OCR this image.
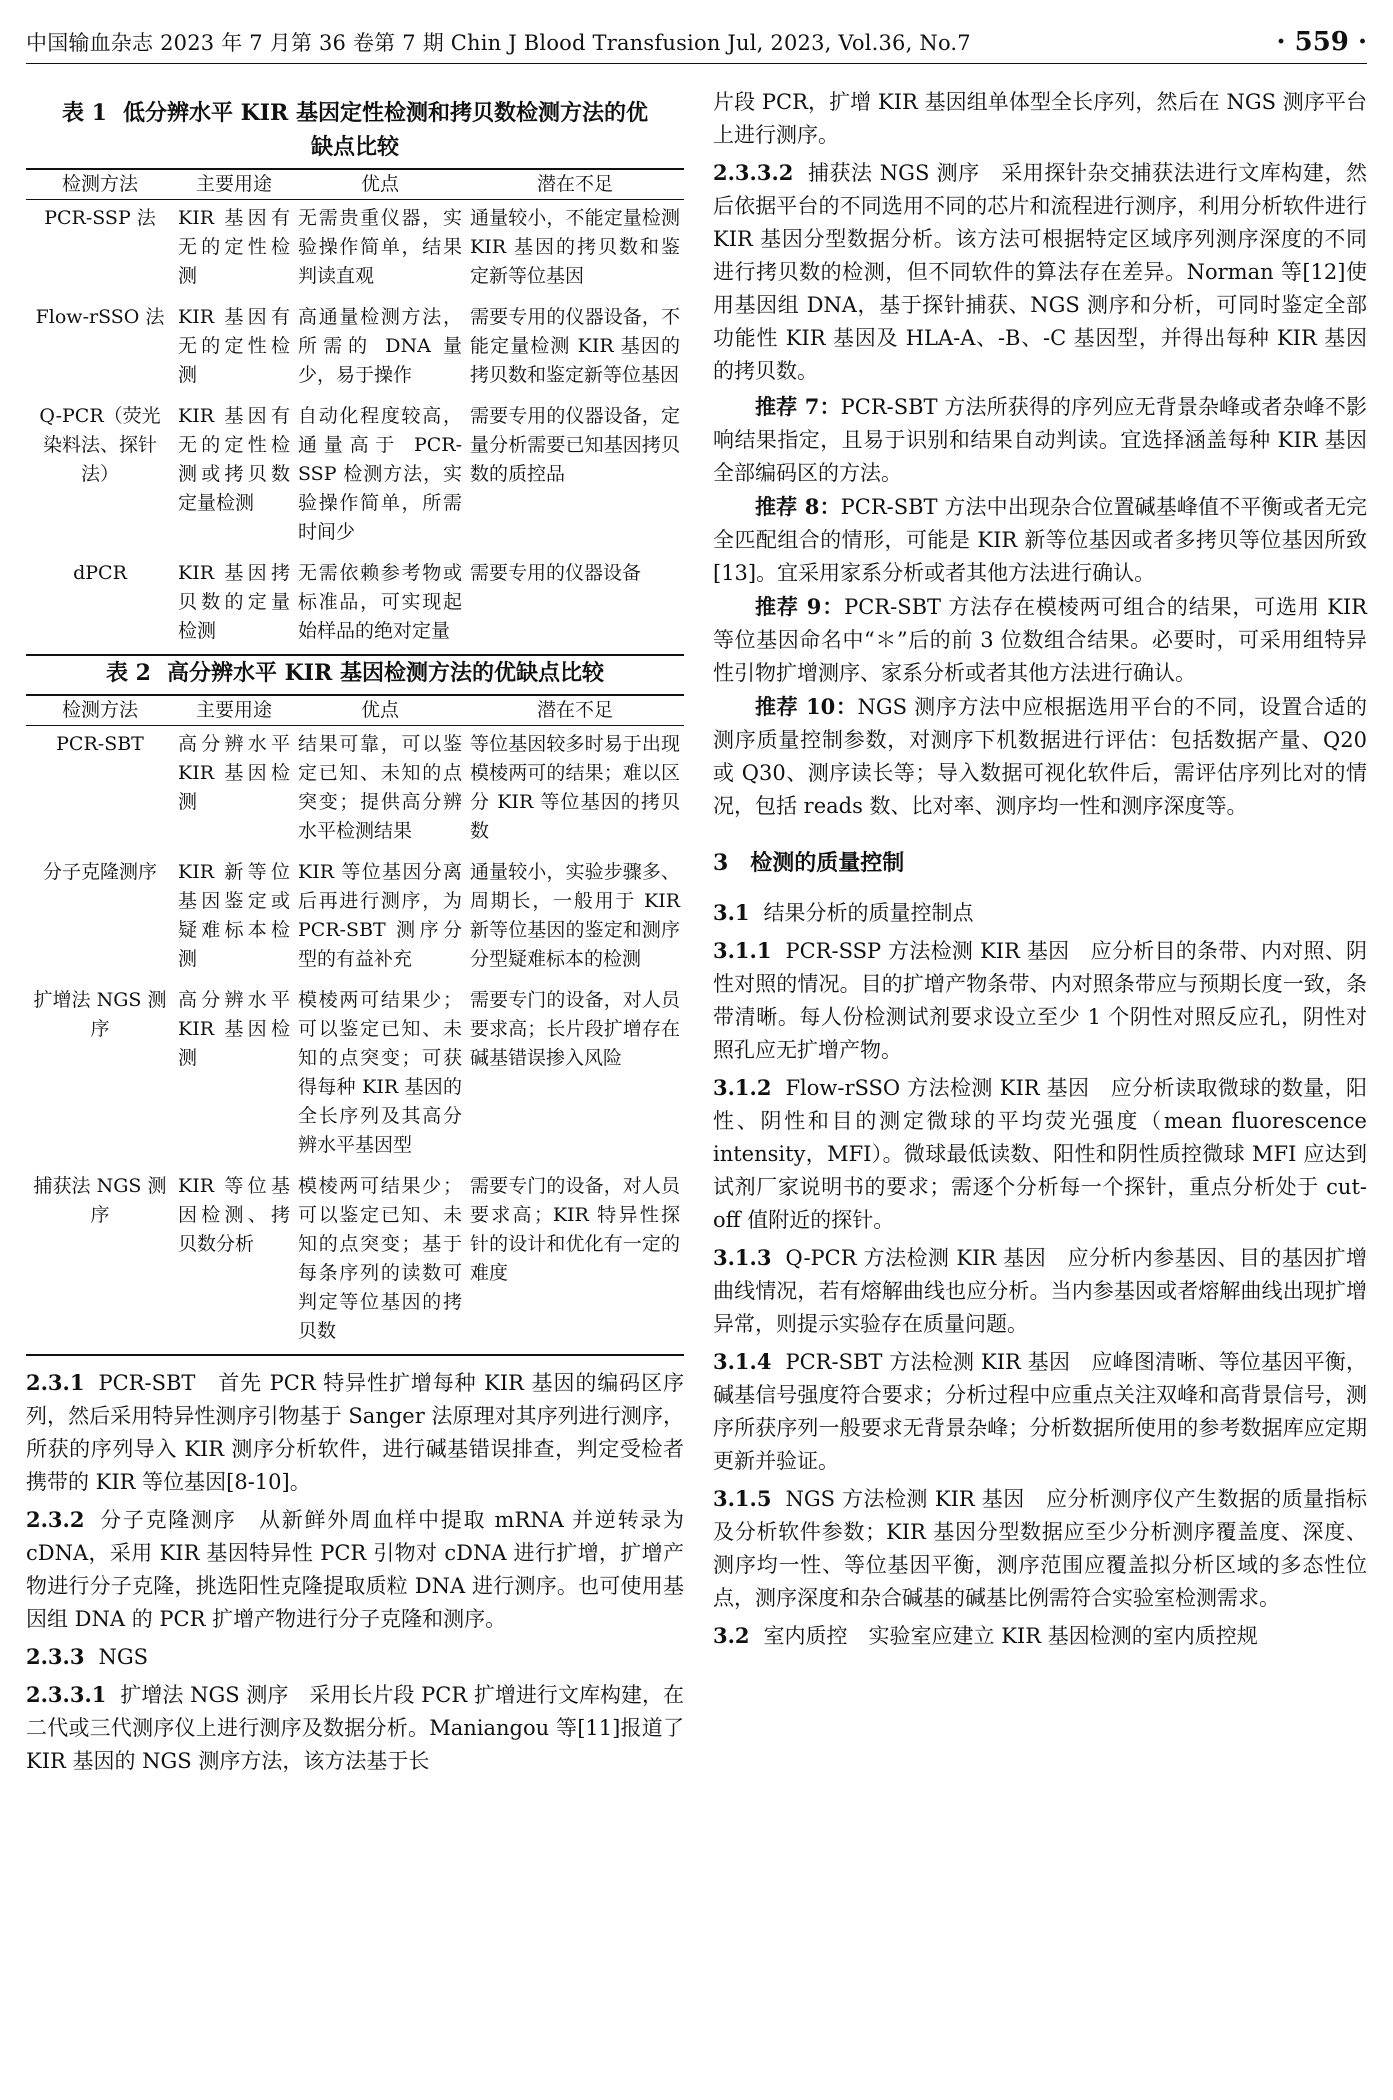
中国输血杂志 2023 年 7 月第 36 卷第 7 期 Chin J Blood Transfusion Jul, 2023, Vol.36, No.7	· 559 ·
表 1 低分辨水平 KIR 基因定性检测和拷贝数检测方法的优缺点比较
检测方法	主要用途	优点	潜在不足
PCR-SSP 法	KIR 基因有无的定性检测	无需贵重仪器，实验操作简单，结果判读直观	通量较小，不能定量检测 KIR 基因的拷贝数和鉴定新等位基因
Flow-rSSO 法	KIR 基因有无的定性检测	高通量检测方法，所需的 DNA 量少，易于操作	需要专用的仪器设备，不能定量检测 KIR 基因的拷贝数和鉴定新等位基因
Q-PCR（荧光染料法、探针法）	KIR 基因有无的定性检测或拷贝数定量检测	自动化程度较高，通量高于 PCR-SSP 检测方法，实验操作简单，所需时间少	需要专用的仪器设备，定量分析需要已知基因拷贝数的质控品
dPCR	KIR 基因拷贝数的定量检测	无需依赖参考物或标准品，可实现起始样品的绝对定量	需要专用的仪器设备
表 2 高分辨水平 KIR 基因检测方法的优缺点比较
检测方法	主要用途	优点	潜在不足
PCR-SBT	高分辨水平 KIR 基因检测	结果可靠，可以鉴定已知、未知的点突变；提供高分辨水平检测结果	等位基因较多时易于出现模棱两可的结果；难以区分 KIR 等位基因的拷贝数
分子克隆测序	KIR 新等位基因鉴定或疑难标本检测	KIR 等位基因分离后再进行测序，为 PCR-SBT 测序分型的有益补充	通量较小，实验步骤多、周期长，一般用于 KIR 新等位基因的鉴定和测序分型疑难标本的检测
扩增法 NGS 测序	高分辨水平 KIR 基因检测	模棱两可结果少；可以鉴定已知、未知的点突变；可获得每种 KIR 基因的全长序列及其高分辨水平基因型	需要专门的设备，对人员要求高；长片段扩增存在碱基错误掺入风险
捕获法 NGS 测序	KIR 等位基因检测、拷贝数分析	模棱两可结果少；可以鉴定已知、未知的点突变；基于每条序列的读数可判定等位基因的拷贝数	需要专门的设备，对人员要求高；KIR 特异性探针的设计和优化有一定的难度

2.3.1 PCR-SBT　首先 PCR 特异性扩增每种 KIR 基因的编码区序列，然后采用特异性测序引物基于 Sanger 法原理对其序列进行测序，所获的序列导入 KIR 测序分析软件，进行碱基错误排查，判定受检者携带的 KIR 等位基因[8-10]。

2.3.2 分子克隆测序　从新鲜外周血样中提取 mRNA 并逆转录为 cDNA，采用 KIR 基因特异性 PCR 引物对 cDNA 进行扩增，扩增产物进行分子克隆，挑选阳性克隆提取质粒 DNA 进行测序。也可使用基因组 DNA 的 PCR 扩增产物进行分子克隆和测序。

2.3.3 NGS

2.3.3.1 扩增法 NGS 测序　采用长片段 PCR 扩增进行文库构建，在二代或三代测序仪上进行测序及数据分析。Maniangou 等[11]报道了 KIR 基因的 NGS 测序方法，该方法基于长

片段 PCR，扩增 KIR 基因组单体型全长序列，然后在 NGS 测序平台上进行测序。

2.3.3.2 捕获法 NGS 测序　采用探针杂交捕获法进行文库构建，然后依据平台的不同选用不同的芯片和流程进行测序，利用分析软件进行 KIR 基因分型数据分析。该方法可根据特定区域序列测序深度的不同进行拷贝数的检测，但不同软件的算法存在差异。Norman 等[12]使用基因组 DNA，基于探针捕获、NGS 测序和分析，可同时鉴定全部功能性 KIR 基因及 HLA-A、-B、-C 基因型，并得出每种 KIR 基因的拷贝数。

推荐 7：PCR-SBT 方法所获得的序列应无背景杂峰或者杂峰不影响结果指定，且易于识别和结果自动判读。宜选择涵盖每种 KIR 基因全部编码区的方法。

推荐 8：PCR-SBT 方法中出现杂合位置碱基峰值不平衡或者无完全匹配组合的情形，可能是 KIR 新等位基因或者多拷贝等位基因所致[13]。宜采用家系分析或者其他方法进行确认。

推荐 9：PCR-SBT 方法存在模棱两可组合的结果，可选用 KIR 等位基因命名中“＊”后的前 3 位数组合结果。必要时，可采用组特异性引物扩增测序、家系分析或者其他方法进行确认。

推荐 10：NGS 测序方法中应根据选用平台的不同，设置合适的测序质量控制参数，对测序下机数据进行评估：包括数据产量、Q20 或 Q30、测序读长等；导入数据可视化软件后，需评估序列比对的情况，包括 reads 数、比对率、测序均一性和测序深度等。

3　检测的质量控制
3.1 结果分析的质量控制点

3.1.1 PCR-SSP 方法检测 KIR 基因　应分析目的条带、内对照、阴性对照的情况。目的扩增产物条带、内对照条带应与预期长度一致，条带清晰。每人份检测试剂要求设立至少 1 个阴性对照反应孔，阴性对照孔应无扩增产物。

3.1.2 Flow-rSSO 方法检测 KIR 基因　应分析读取微球的数量，阳性、阴性和目的测定微球的平均荧光强度（mean fluorescence intensity，MFI）。微球最低读数、阳性和阴性质控微球 MFI 应达到试剂厂家说明书的要求；需逐个分析每一个探针，重点分析处于 cut-off 值附近的探针。

3.1.3 Q-PCR 方法检测 KIR 基因　应分析内参基因、目的基因扩增曲线情况，若有熔解曲线也应分析。当内参基因或者熔解曲线出现扩增异常，则提示实验存在质量问题。

3.1.4 PCR-SBT 方法检测 KIR 基因　应峰图清晰、等位基因平衡，碱基信号强度符合要求；分析过程中应重点关注双峰和高背景信号，测序所获序列一般要求无背景杂峰；分析数据所使用的参考数据库应定期更新并验证。

3.1.5 NGS 方法检测 KIR 基因　应分析测序仪产生数据的质量指标及分析软件参数；KIR 基因分型数据应至少分析测序覆盖度、深度、测序均一性、等位基因平衡，测序范围应覆盖拟分析区域的多态性位点，测序深度和杂合碱基的碱基比例需符合实验室检测需求。

3.2 室内质控　实验室应建立 KIR 基因检测的室内质控规
